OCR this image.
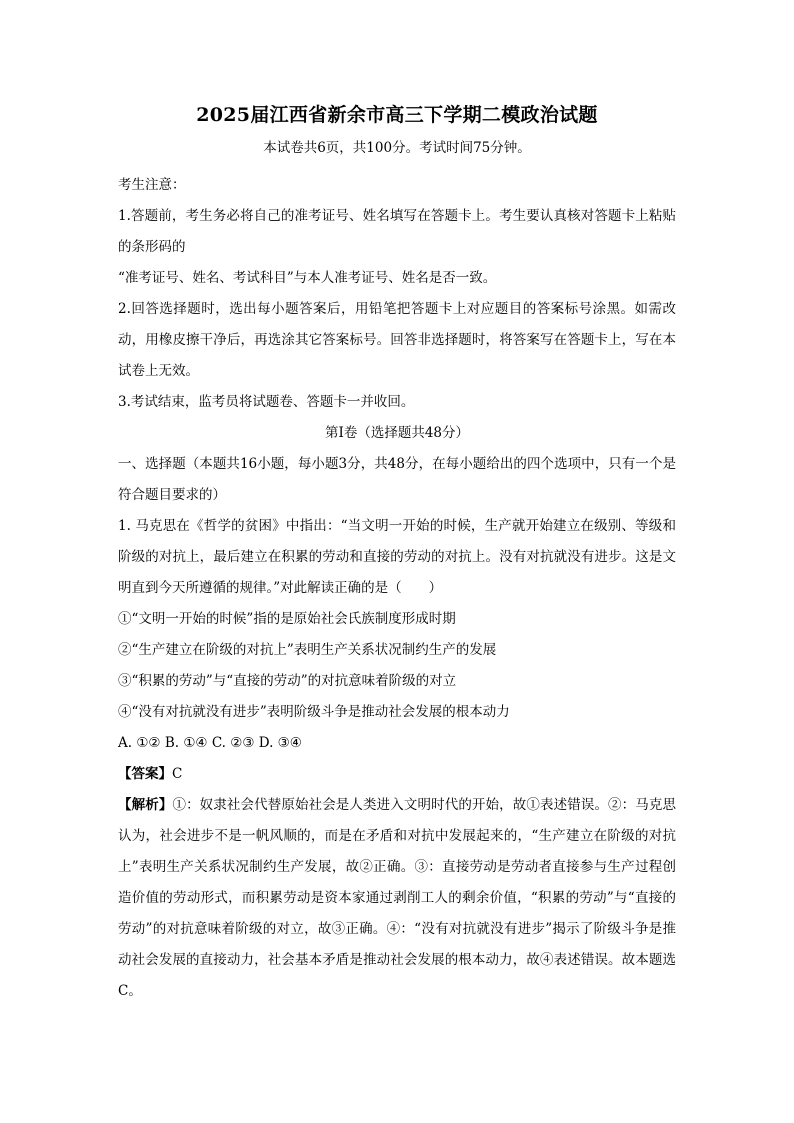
2025届江西省新余市高三下学期二模政治试题
本试卷共6页，共100分。考试时间75分钟。

考生注意：

1.答题前，考生务必将自己的准考证号、姓名填写在答题卡上。考生要认真核对答题卡上粘贴的条形码的

“准考证号、姓名、考试科目”与本人准考证号、姓名是否一致。

2.回答选择题时，选出每小题答案后，用铅笔把答题卡上对应题目的答案标号涂黑。如需改动，用橡皮擦干净后，再选涂其它答案标号。回答非选择题时，将答案写在答题卡上，写在本试卷上无效。

3.考试结束，监考员将试题卷、答题卡一并收回。

第Ⅰ卷（选择题共48分）

一、选择题（本题共16小题，每小题3分，共48分，在每小题给出的四个选项中，只有一个是符合题目要求的）

1. 马克思在《哲学的贫困》中指出：“当文明一开始的时候，生产就开始建立在级别、等级和阶级的对抗上，最后建立在积累的劳动和直接的劳动的对抗上。没有对抗就没有进步。这是文明直到今天所遵循的规律。”对此解读正确的是（　　）

①“文明一开始的时候”指的是原始社会氏族制度形成时期

②“生产建立在阶级的对抗上”表明生产关系状况制约生产的发展

③“积累的劳动”与“直接的劳动”的对抗意味着阶级的对立

④“没有对抗就没有进步”表明阶级斗争是推动社会发展的根本动力

A. ①② B. ①④ C. ②③ D. ③④

【答案】C

【解析】①：奴隶社会代替原始社会是人类进入文明时代的开始，故①表述错误。②：马克思认为，社会进步不是一帆风顺的，而是在矛盾和对抗中发展起来的，“生产建立在阶级的对抗上”表明生产关系状况制约生产发展，故②正确。③：直接劳动是劳动者直接参与生产过程创造价值的劳动形式，而积累劳动是资本家通过剥削工人的剩余价值，“积累的劳动”与“直接的劳动”的对抗意味着阶级的对立，故③正确。④：“没有对抗就没有进步”揭示了阶级斗争是推动社会发展的直接动力，社会基本矛盾是推动社会发展的根本动力，故④表述错误。故本题选C。
